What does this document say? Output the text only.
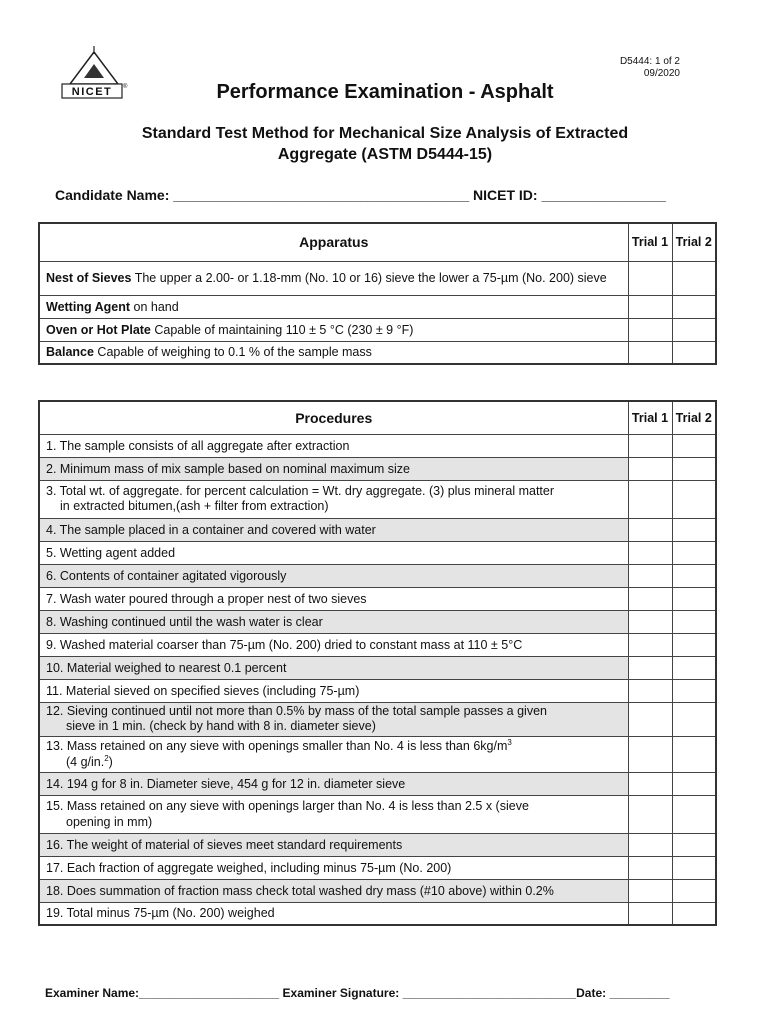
NICET ®
D5444: 1 of 2
09/2020
Performance Examination - Asphalt
Standard Test Method for Mechanical Size Analysis of Extracted
Aggregate (ASTM D5444-15)
Candidate Name: ______________________________________ NICET ID: ________________
Apparatus	Trial 1	Trial 2
Nest of Sieves The upper a 2.00- or 1.18-mm (No. 10 or 16) sieve the lower a 75-µm (No. 200) sieve		
Wetting Agent on hand		
Oven or Hot Plate Capable of maintaining 110 ± 5 °C (230 ± 9 °F)		
Balance Capable of weighing to 0.1 % of the sample mass		
Procedures	Trial 1	Trial 2
1. The sample consists of all aggregate after extraction		
2. Minimum mass of mix sample based on nominal maximum size		
3. Total wt. of aggregate. for percent calculation = Wt. dry aggregate. (3) plus mineral matter
in extracted bitumen,(ash + filter from extraction)		
4. The sample placed in a container and covered with water		
5. Wetting agent added		
6. Contents of container agitated vigorously		
7. Wash water poured through a proper nest of two sieves		
8. Washing continued until the wash water is clear		
9. Washed material coarser than 75-µm (No. 200) dried to constant mass at 110 ± 5°C		
10. Material weighed to nearest 0.1 percent		
11. Material sieved on specified sieves (including 75-µm)		
12. Sieving continued until not more than 0.5% by mass of the total sample passes a given
sieve in 1 min. (check by hand with 8 in. diameter sieve)		
13. Mass retained on any sieve with openings smaller than No. 4 is less than $6kg/m^3$
(4 g/in.$^2$)		
14. 194 g for 8 in. Diameter sieve, 454 g for 12 in. diameter sieve		
15. Mass retained on any sieve with openings larger than No. 4 is less than 2.5 x (sieve
opening in mm)		
16. The weight of material of sieves meet standard requirements		
17. Each fraction of aggregate weighed, including minus 75-µm (No. 200)		
18. Does summation of fraction mass check total washed dry mass (#10 above) within 0.2%		
19. Total minus 75-µm (No. 200) weighed		
Examiner Name:_____________________ Examiner Signature: __________________________Date: _________
